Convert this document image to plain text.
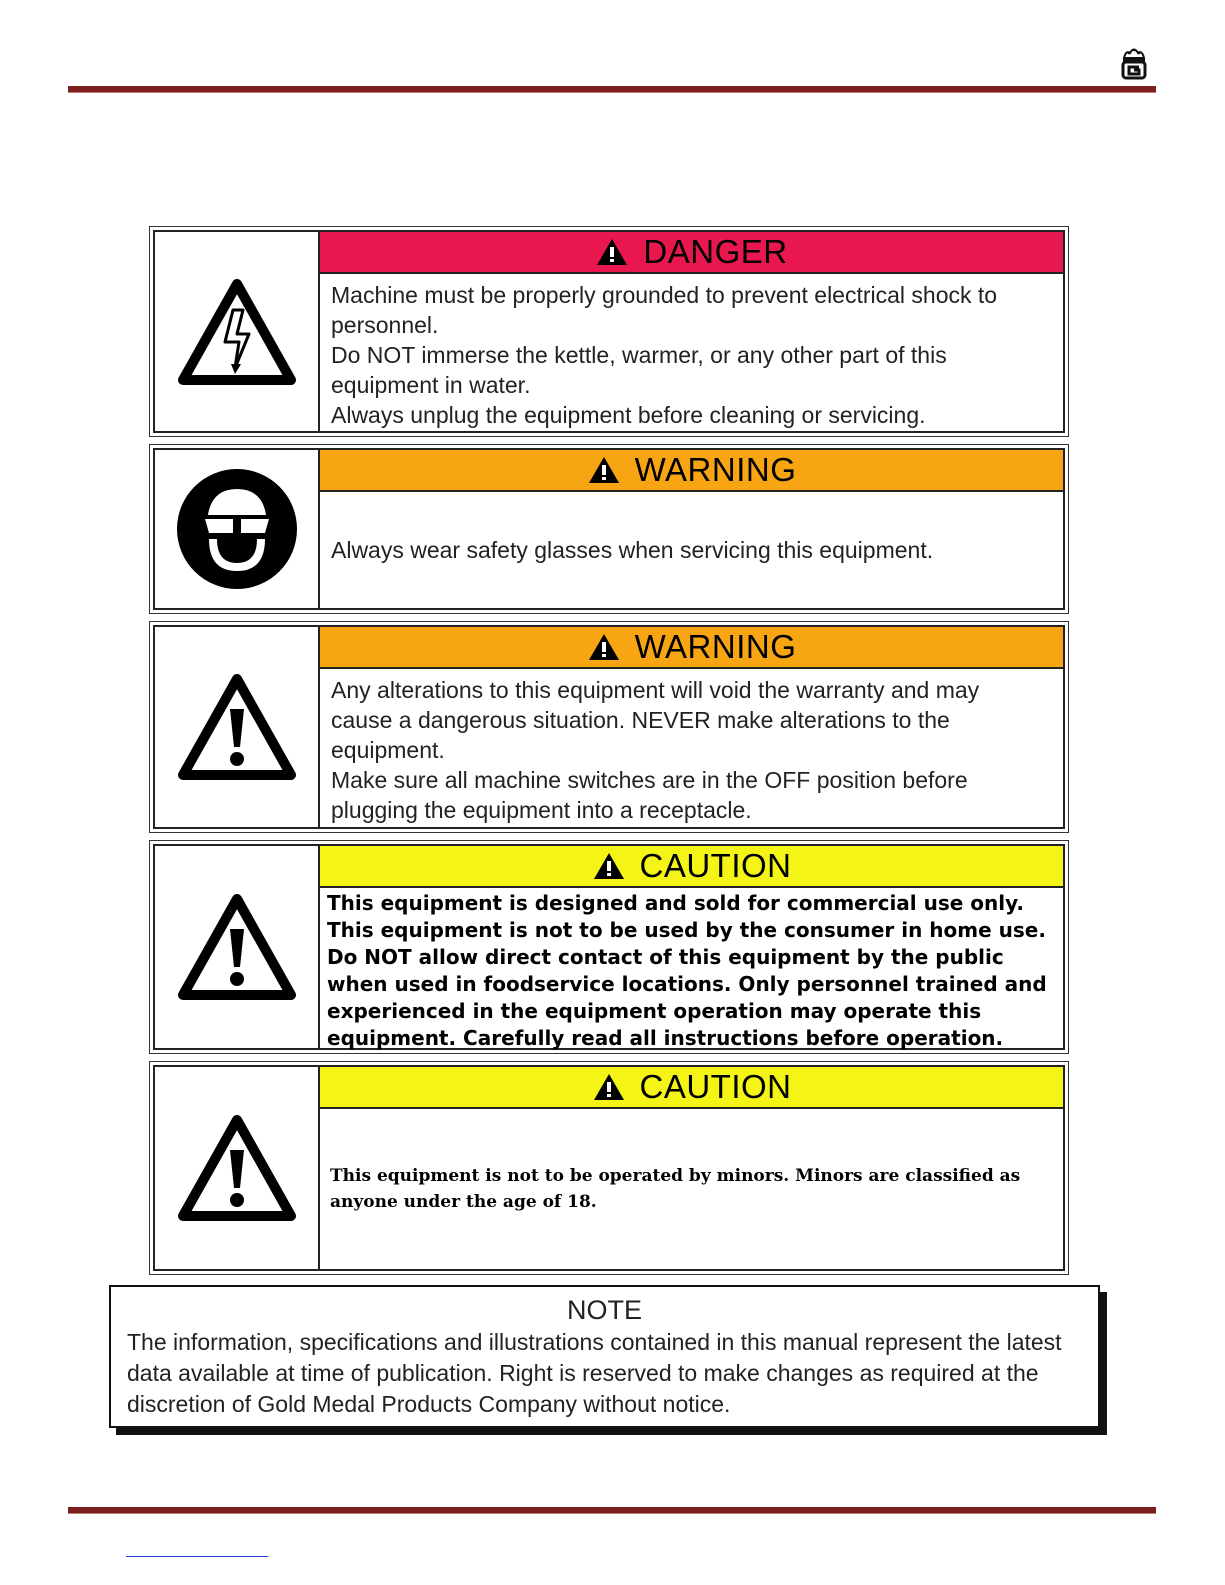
DANGER

Machine must be properly grounded to prevent electrical shock to personnel.

Do NOT immerse the kettle, warmer, or any other part of this equipment in water.

Always unplug the equipment before cleaning or servicing.

WARNING

Always wear safety glasses when servicing this equipment.

WARNING

Any alterations to this equipment will void the warranty and may cause a dangerous situation. NEVER make alterations to the equipment.

Make sure all machine switches are in the OFF position before plugging the equipment into a receptacle.

CAUTION

This equipment is designed and sold for commercial use only. This equipment is not to be used by the consumer in home use. Do NOT allow direct contact of this equipment by the public when used in foodservice locations. Only personnel trained and experienced in the equipment operation may operate this equipment. Carefully read all instructions before operation.

CAUTION

This equipment is not to be operated by minors. Minors are classified as anyone under the age of 18.

NOTE

The information, specifications and illustrations contained in this manual represent the latest data available at time of publication. Right is reserved to make changes as required at the discretion of Gold Medal Products Company without notice.
